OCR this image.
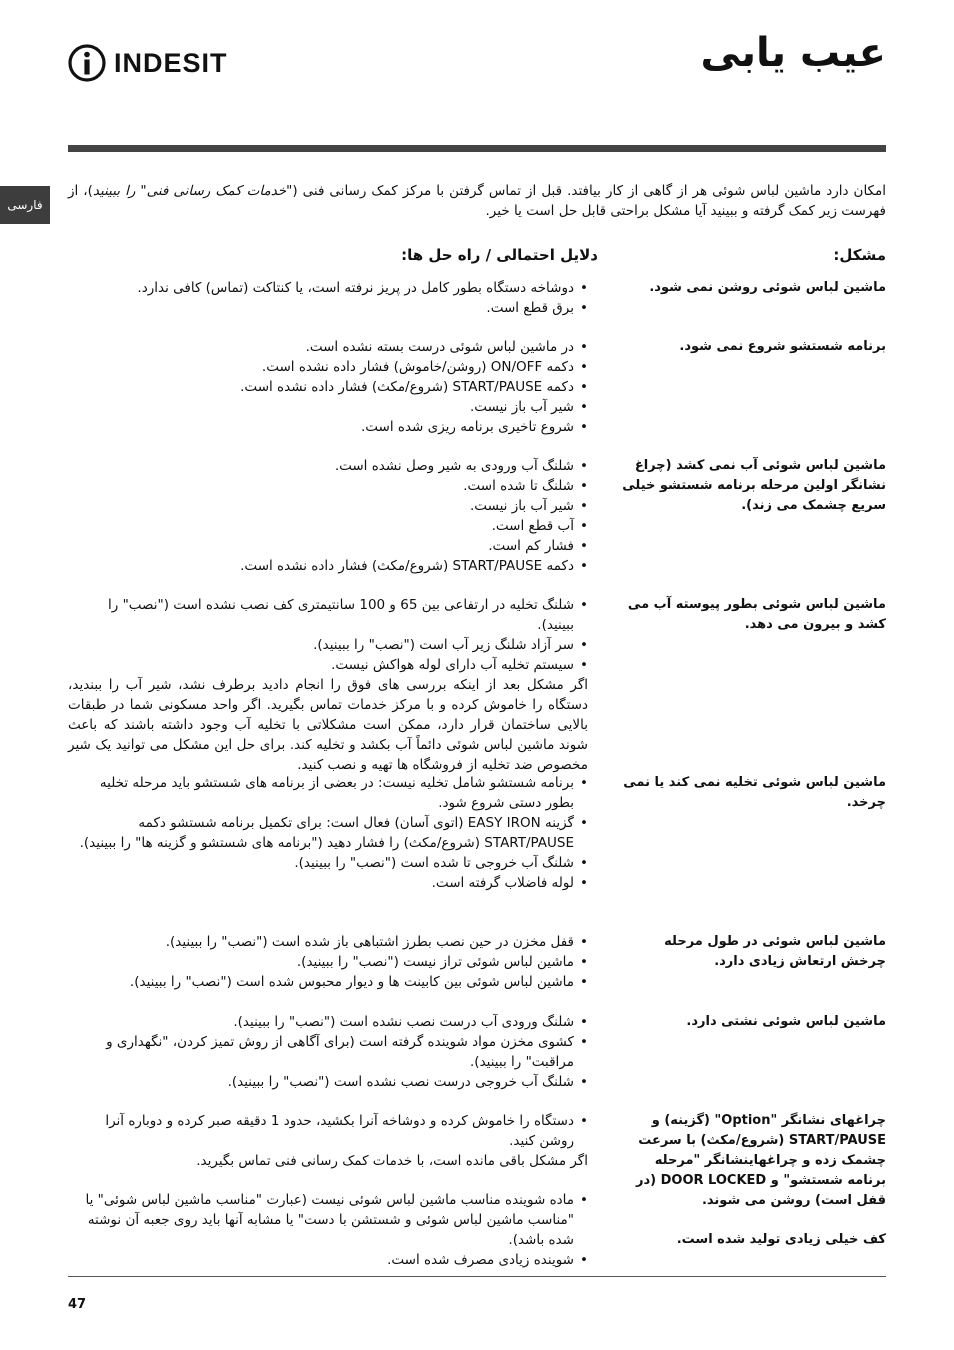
INDESIT	عیب یابی
فارسی
امکان دارد ماشین لباس شوئی هر از گاهی از کار بیافتد. قبل از تماس گرفتن با مرکز کمک رسانی فنی ("خدمات کمک رسانی فنی" را ببینید)، از فهرست زیر کمک گرفته و ببینید آیا مشکل براحتی قابل حل است یا خیر.
مشکل:
دلایل احتمالی / راه حل ها:
ماشین لباس شوئی روشن نمی شود.
• دوشاخه دستگاه بطور کامل در پریز نرفته است، یا کنتاکت (تماس) کافی ندارد.
• برق قطع است.
برنامه شستشو شروع نمی شود.
• در ماشین لباس شوئی درست بسته نشده است.
• دکمه ON/OFF (روشن/خاموش) فشار داده نشده است.
• دکمه START/PAUSE (شروع/مکث) فشار داده نشده است.
• شیر آب باز نیست.
• شروع تاخیری برنامه ریزی شده است.
ماشین لباس شوئی آب نمی کشد (چراغ نشانگر اولین مرحله برنامه شستشو خیلی سریع چشمک می زند).
• شلنگ آب ورودی به شیر وصل نشده است.
• شلنگ تا شده است.
• شیر آب باز نیست.
• آب قطع است.
• فشار کم است.
• دکمه START/PAUSE (شروع/مکث) فشار داده نشده است.
ماشین لباس شوئی بطور پیوسته آب می کشد و بیرون می دهد.
• شلنگ تخلیه در ارتفاعی بین 65 و 100 سانتیمتری کف نصب نشده است ("نصب" را ببینید).
• سر آزاد شلنگ زیر آب است ("نصب" را ببینید).
• سیستم تخلیه آب دارای لوله هواکش نیست.

اگر مشکل بعد از اینکه بررسی های فوق را انجام دادید برطرف نشد، شیر آب را ببندید، دستگاه را خاموش کرده و با مرکز خدمات تماس بگیرید. اگر واحد مسکونی شما در طبقات بالایی ساختمان قرار دارد، ممکن است مشکلاتی با تخلیه آب وجود داشته باشند که باعث شوند ماشین لباس شوئی دائماً آب بکشد و تخلیه کند. برای حل این مشکل می توانید یک شیر مخصوص ضد تخلیه از فروشگاه ها تهیه و نصب کنید.

ماشین لباس شوئی تخلیه نمی کند یا نمی چرخد.
• برنامه شستشو شامل تخلیه نیست: در بعضی از برنامه های شستشو باید مرحله تخلیه بطور دستی شروع شود.
• گزینه EASY IRON (اتوی آسان) فعال است: برای تکمیل برنامه شستشو دکمه START/PAUSE (شروع/مکث) را فشار دهید ("برنامه های شستشو و گزینه ها" را ببینید).
• شلنگ آب خروجی تا شده است ("نصب" را ببینید).
• لوله فاضلاب گرفته است.
ماشین لباس شوئی در طول مرحله چرخش ارتعاش زیادی دارد.
• قفل مخزن در حین نصب بطرز اشتباهی باز شده است ("نصب" را ببینید).
• ماشین لباس شوئی تراز نیست ("نصب" را ببینید).
• ماشین لباس شوئی بین کابینت ها و دیوار محبوس شده است ("نصب" را ببینید).
ماشین لباس شوئی نشتی دارد.
• شلنگ ورودی آب درست نصب نشده است ("نصب" را ببینید).
• کشوی مخزن مواد شوینده گرفته است (برای آگاهی از روش تمیز کردن، "نگهداری و مراقبت" را ببینید).
• شلنگ آب خروجی درست نصب نشده است ("نصب" را ببینید).
چراغهای نشانگر "Option" (گزینه) و START/PAUSE (شروع/مکث) با سرعت چشمک زده و چراغهاینشانگر "مرحله برنامه شستشو" و DOOR LOCKED (در قفل است) روشن می شوند.
• دستگاه را خاموش کرده و دوشاخه آنرا بکشید، حدود 1 دقیقه صبر کرده و دوباره آنرا روشن کنید.

اگر مشکل باقی مانده است، با خدمات کمک رسانی فنی تماس بگیرید.

کف خیلی زیادی تولید شده است.
• ماده شوینده مناسب ماشین لباس شوئی نیست (عبارت "مناسب ماشین لباس شوئی" یا "مناسب ماشین لباس شوئی و شستشن با دست" یا مشابه آنها باید روی جعبه آن نوشته شده باشد).
• شوینده زیادی مصرف شده است.
47
